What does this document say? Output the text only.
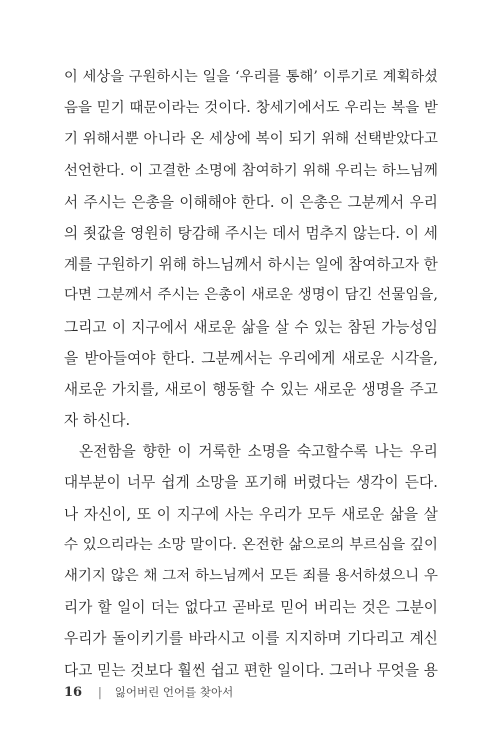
이 세상을 구원하시는 일을 ‘우리를 통해’ 이루기로 계획하셨
음을 믿기 때문이라는 것이다. 창세기에서도 우리는 복을 받
기 위해서뿐 아니라 온 세상에 복이 되기 위해 선택받았다고
선언한다. 이 고결한 소명에 참여하기 위해 우리는 하느님께
서 주시는 은총을 이해해야 한다. 이 은총은 그분께서 우리
의 죗값을 영원히 탕감해 주시는 데서 멈추지 않는다. 이 세
계를 구원하기 위해 하느님께서 하시는 일에 참여하고자 한
다면 그분께서 주시는 은총이 새로운 생명이 담긴 선물임을,
그리고 이 지구에서 새로운 삶을 살 수 있는 참된 가능성임
을 받아들여야 한다. 그분께서는 우리에게 새로운 시각을,
새로운 가치를, 새로이 행동할 수 있는 새로운 생명을 주고
자 하신다.
온전함을 향한 이 거룩한 소명을 숙고할수록 나는 우리
대부분이 너무 쉽게 소망을 포기해 버렸다는 생각이 든다.
나 자신이, 또 이 지구에 사는 우리가 모두 새로운 삶을 살
수 있으리라는 소망 말이다. 온전한 삶으로의 부르심을 깊이
새기지 않은 채 그저 하느님께서 모든 죄를 용서하셨으니 우
리가 할 일이 더는 없다고 곧바로 믿어 버리는 것은 그분이
우리가 돌이키기를 바라시고 이를 지지하며 기다리고 계신
다고 믿는 것보다 훨씬 쉽고 편한 일이다. 그러나 무엇을 용
16 | 잃어버린 언어를 찾아서
